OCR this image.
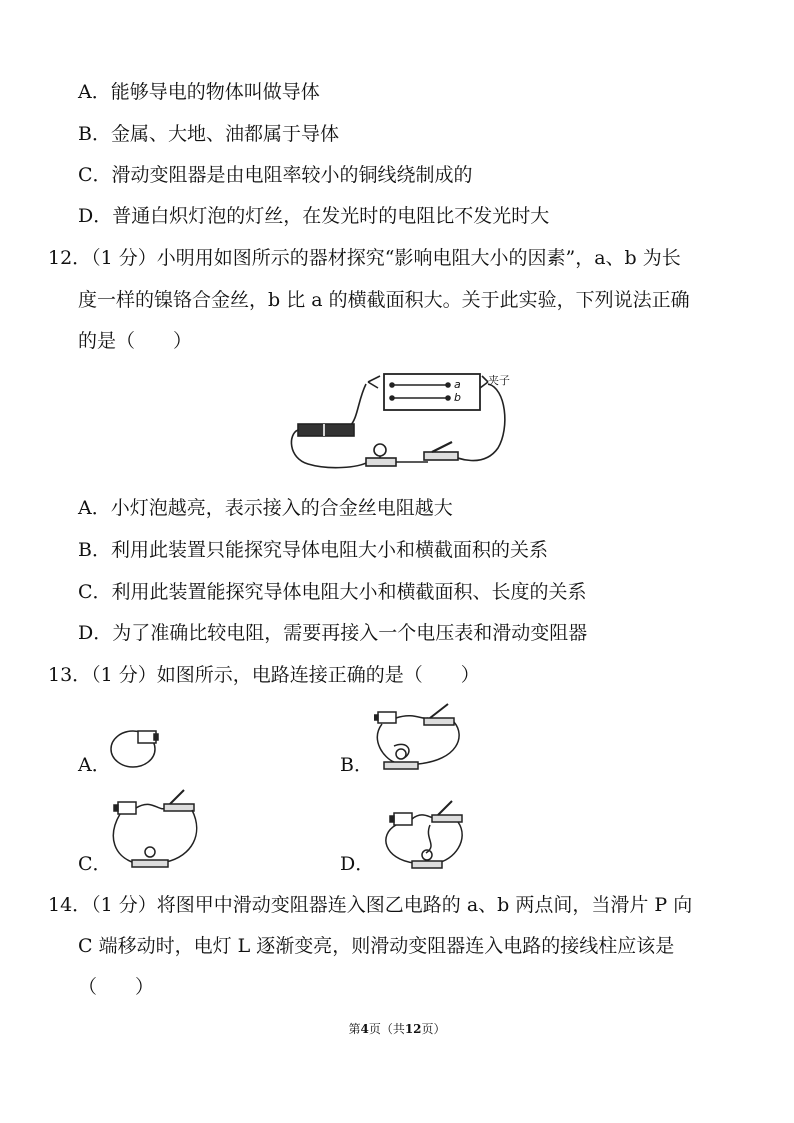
A．能够导电的物体叫做导体
B．金属、大地、油都属于导体
C．滑动变阻器是由电阻率较小的铜线绕制成的
D．普通白炽灯泡的灯丝，在发光时的电阻比不发光时大
12．（1 分）小明用如图所示的器材探究“影响电阻大小的因素”，a、b 为长
度一样的镍铬合金丝，b 比 a 的横截面积大。关于此实验，下列说法正确
的是（　　）
a
b
夹子
A．小灯泡越亮，表示接入的合金丝电阻越大
B．利用此装置只能探究导体电阻大小和横截面积的关系
C．利用此装置能探究导体电阻大小和横截面积、长度的关系
D．为了准确比较电阻，需要再接入一个电压表和滑动变阻器
13．（1 分）如图所示，电路连接正确的是（　　）
A．	B．
C．	D．
14．（1 分）将图甲中滑动变阻器连入图乙电路的 a、b 两点间，当滑片 P 向
C 端移动时，电灯 L 逐渐变亮，则滑动变阻器连入电路的接线柱应该是
（　　）
第4页（共12页）
